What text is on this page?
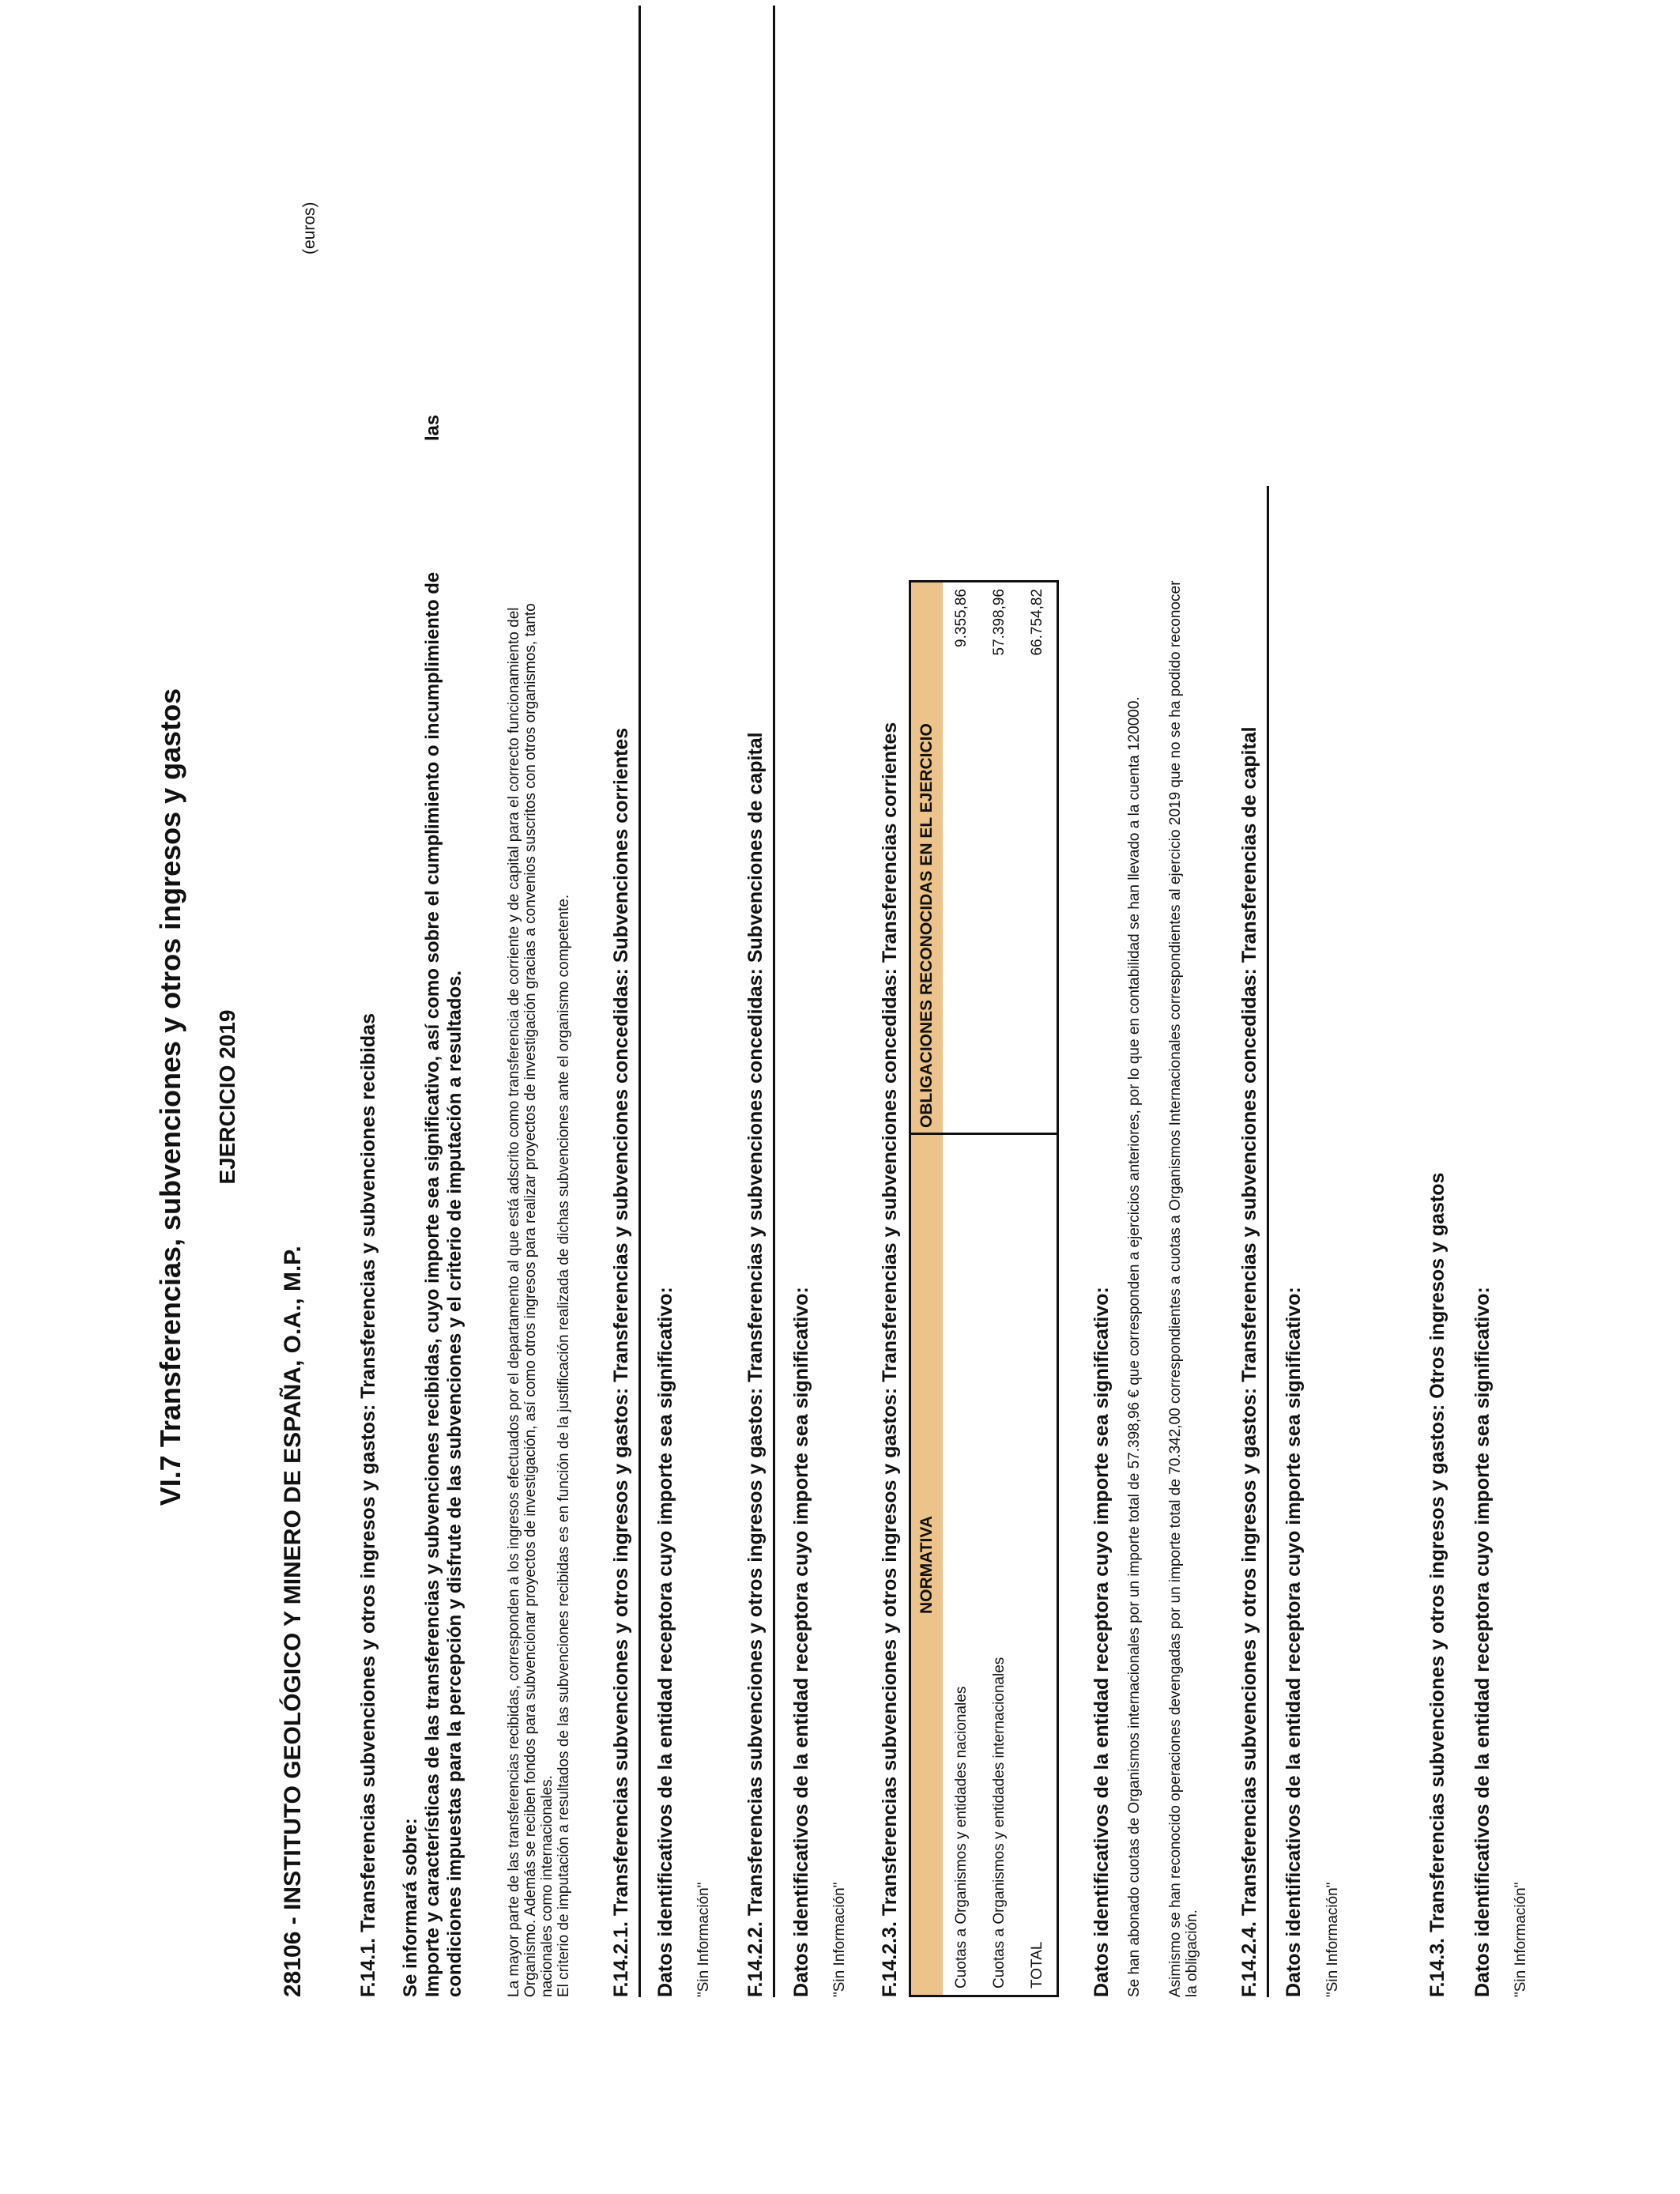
VI.7 Transferencias, subvenciones y otros ingresos y gastos EJERCICIO 2019
28106 - INSTITUTO GEOLÓGICO Y MINERO DE ESPAÑA, O.A., M.P.
(euros)
F.14.1. Transferencias subvenciones y otros ingresos y gastos: Transferencias y subvenciones recibidas Se informará sobre: Importe y características de las transferencias y subvenciones recibidas, cuyo importe sea significativo, así como sobre el cumplimiento o incumplimiento de
las
condiciones impuestas para la percepción y disfrute de las subvenciones y el criterio de imputación a resultados.	La mayor parte de las transferencias recibidas, corresponden a los ingresos efectuados por el departamento al que está adscrito como transferencia de corriente y de capital para el correcto funcionamiento del Organismo. Además se reciben fondos para subvencionar proyectos de investigación, así como otros ingresos para realizar proyectos de investigación gracias a convenios suscritos con otros organismos, tanto nacionales como internacionales. El criterio de imputación a resultados de las subvenciones recibidas es en función de la justificación realizada de dichas subvenciones ante el organismo competente. F.14.2.1. Transferencias subvenciones y otros ingresos y gastos: Transferencias y subvenciones concedidas: Subvenciones corrientes Datos identificativos de la entidad receptora cuyo importe sea significativo: "Sin Información" F.14.2.2. Transferencias subvenciones y otros ingresos y gastos: Transferencias y subvenciones concedidas: Subvenciones de capital Datos identificativos de la entidad receptora cuyo importe sea significativo: "Sin Información" F.14.2.3. Transferencias subvenciones y otros ingresos y gastos: Transferencias y subvenciones concedidas: Transferencias corrientes NORMATIVA	OBLIGACIONES RECONOCIDAS EN EL EJERCICIO
Cuotas a Organismos y entidades nacionales	9.355,86
Cuotas a Organismos y entidades internacionales	57.398,96
TOTAL	66.754,82
Datos identificativos de la entidad receptora cuyo importe sea significativo: Se han abonado cuotas de Organismos internacionales por un importe total de 57.398,96 € que corresponden a ejercicios anteriores, por lo que en contabilidad se han llevado a la cuenta 120000. Asimismo se han reconocido operaciones devengadas por un importe total de 70.342,00 correspondientes a cuotas a Organismos Internacionales correspondientes al ejercicio 2019 que no se ha podido reconocer la obligación. F.14.2.4. Transferencias subvenciones y otros ingresos y gastos: Transferencias y subvenciones concedidas: Transferencias de capital Datos identificativos de la entidad receptora cuyo importe sea significativo: "Sin Información"	F.14.3. Transferencias subvenciones y otros ingresos y gastos: Otros ingresos y gastos Datos identificativos de la entidad receptora cuyo importe sea significativo: "Sin Información"
